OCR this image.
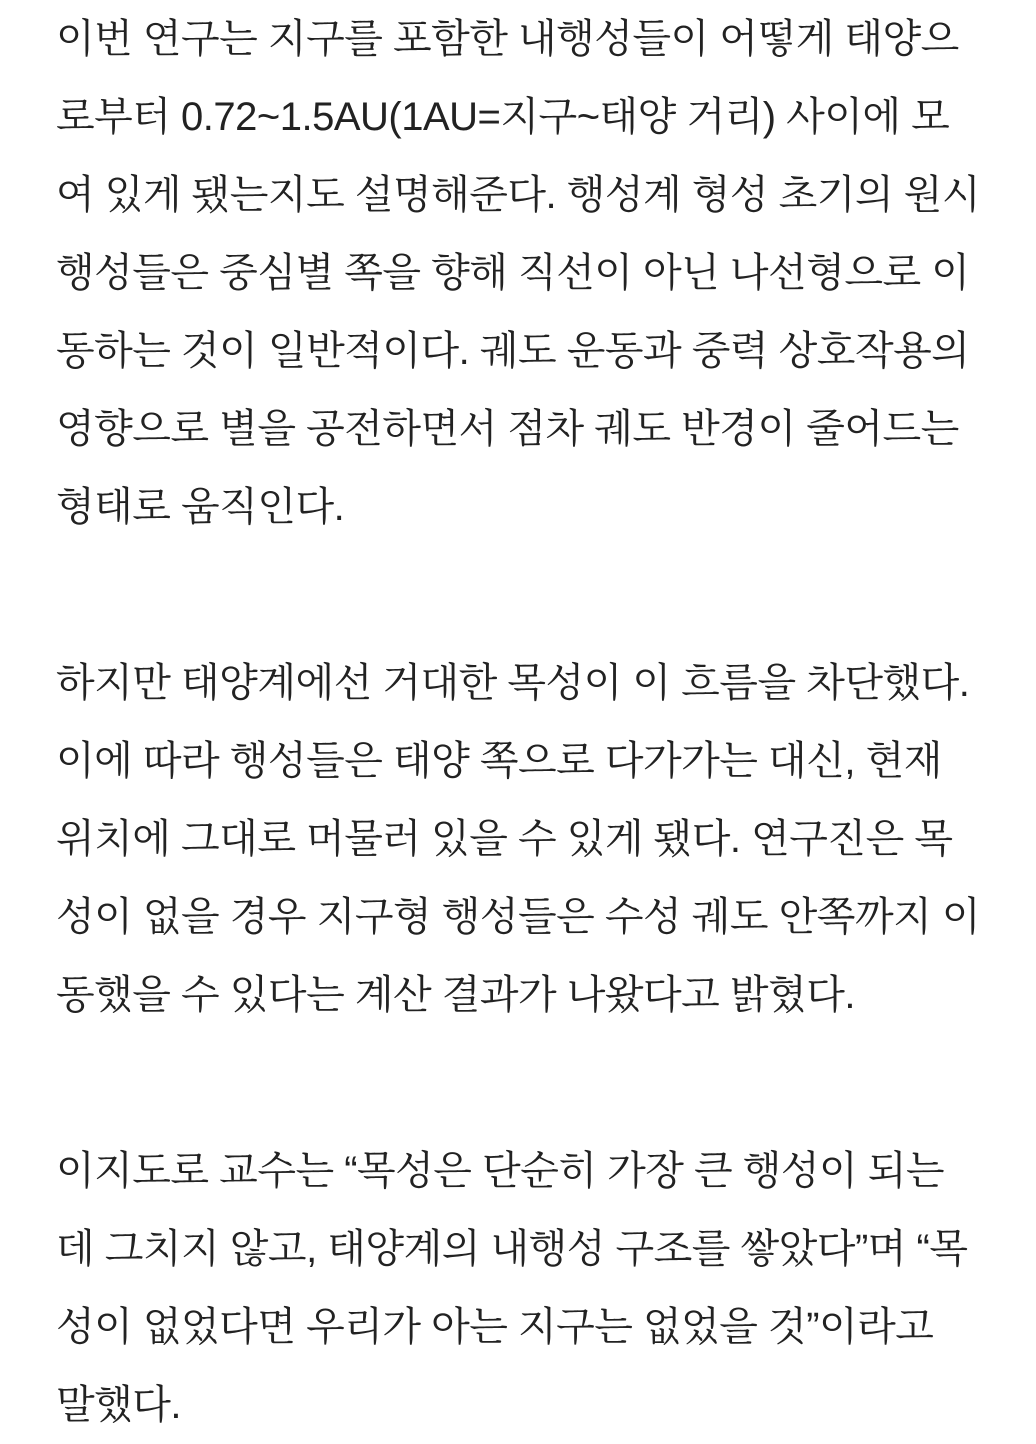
이번 연구는 지구를 포함한 내행성들이 어떻게 태양으
로부터 0.72~1.5AU(1AU=지구~태양 거리) 사이에 모
여 있게 됐는지도 설명해준다. 행성계 형성 초기의 원시
행성들은 중심별 쪽을 향해 직선이 아닌 나선형으로 이
동하는 것이 일반적이다. 궤도 운동과 중력 상호작용의
영향으로 별을 공전하면서 점차 궤도 반경이 줄어드는
형태로 움직인다.
하지만 태양계에선 거대한 목성이 이 흐름을 차단했다.
이에 따라 행성들은 태양 쪽으로 다가가는 대신, 현재
위치에 그대로 머물러 있을 수 있게 됐다. 연구진은 목
성이 없을 경우 지구형 행성들은 수성 궤도 안쪽까지 이
동했을 수 있다는 계산 결과가 나왔다고 밝혔다.
이지도로 교수는 “목성은 단순히 가장 큰 행성이 되는
데 그치지 않고, 태양계의 내행성 구조를 쌓았다”며 “목
성이 없었다면 우리가 아는 지구는 없었을 것”이라고
말했다.
